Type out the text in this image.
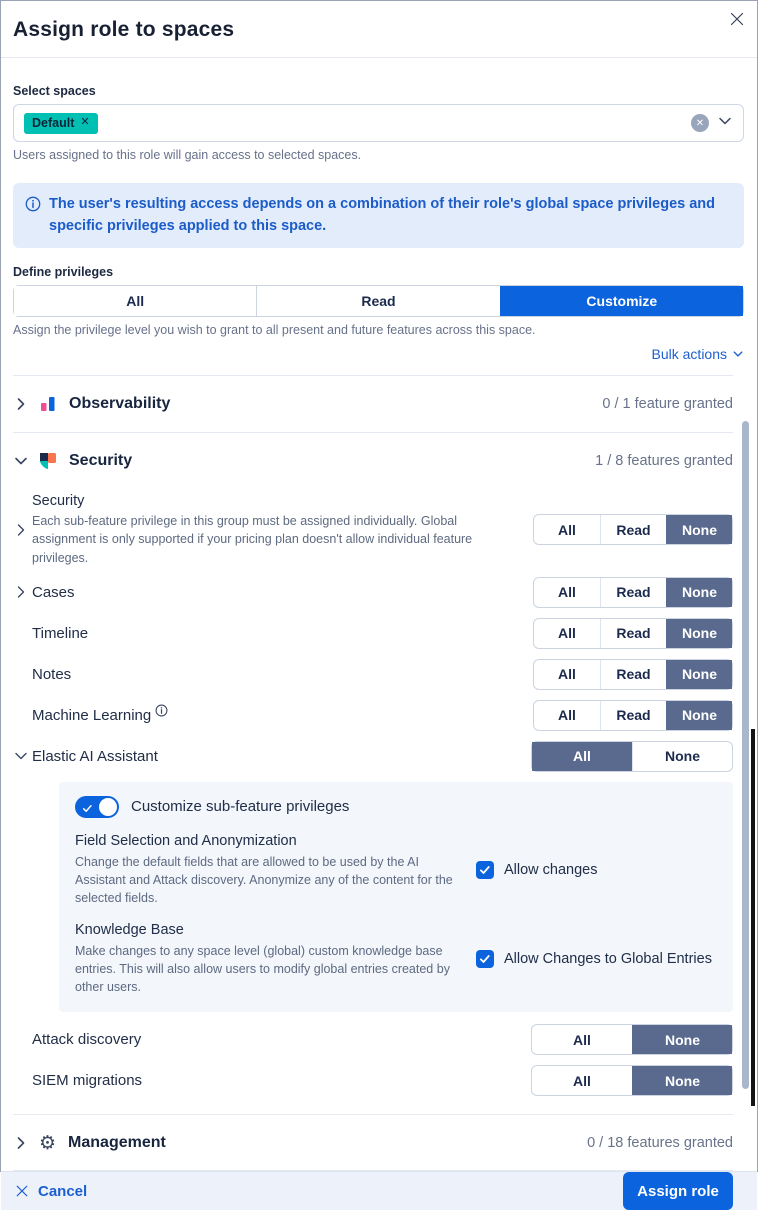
Assign role to spaces
Select spaces
Default ✕	✕
Users assigned to this role will gain access to selected spaces.
The user's resulting access depends on a combination of their role's global space privileges and specific privileges applied to this space.
Define privileges
All	Read	Customize
Assign the privilege level you wish to grant to all present and future features across this space.
Bulk actions
Observability	0 / 1 feature granted
Security	1 / 8 features granted
Security
Each sub-feature privilege in this group must be assigned individually. Global assignment is only supported if your pricing plan doesn't allow individual feature privileges.
All	Read	None
Cases	All	Read	None
Timeline	All	Read	None
Notes	All	Read	None
Machine Learning	All	Read	None
Elastic AI Assistant	All	None
Customize sub-feature privileges
Field Selection and Anonymization
Change the default fields that are allowed to be used by the AI Assistant and Attack discovery. Anonymize any of the content for the selected fields.
Allow changes
Knowledge Base
Make changes to any space level (global) custom knowledge base entries. This will also allow users to modify global entries created by other users.
Allow Changes to Global Entries
Attack discovery	All	None
SIEM migrations	All	None
⚙ Management	0 / 18 features granted
Cancel	Assign role
